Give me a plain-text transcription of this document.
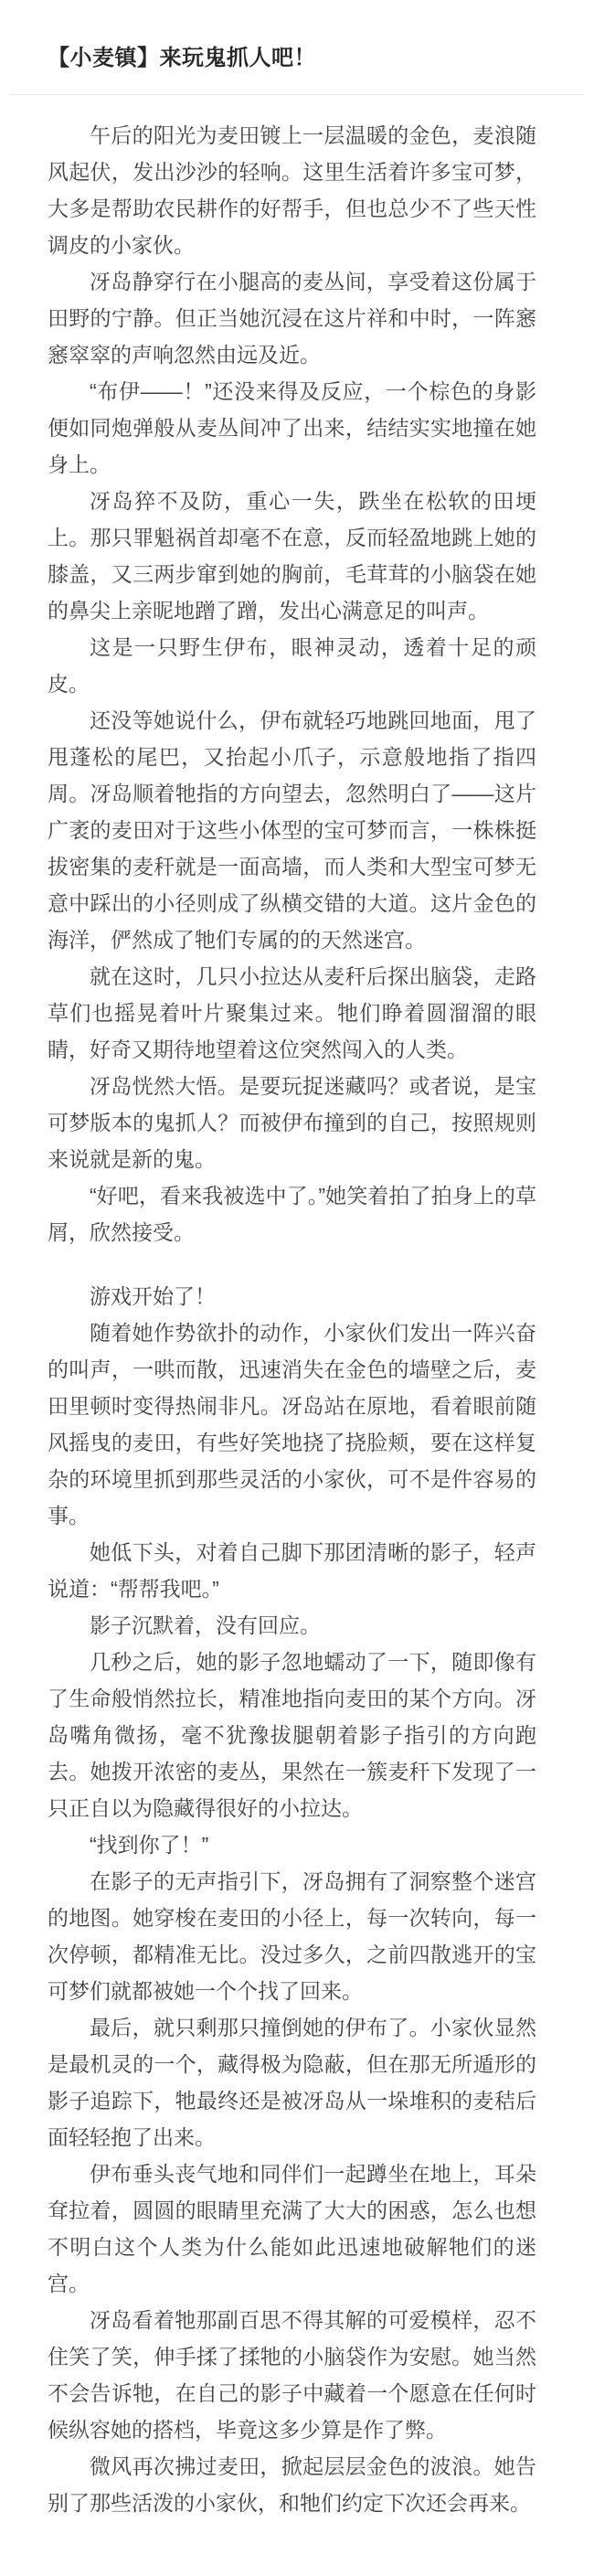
【小麦镇】来玩鬼抓人吧！

午后的阳光为麦田镀上一层温暖的金色，麦浪随风起伏，发出沙沙的轻响。这里生活着许多宝可梦，大多是帮助农民耕作的好帮手，但也总少不了些天性调皮的小家伙。

冴岛静穿行在小腿高的麦丛间，享受着这份属于田野的宁静。但正当她沉浸在这片祥和中时，一阵窸窸窣窣的声响忽然由远及近。

“布伊——！”还没来得及反应，一个棕色的身影便如同炮弹般从麦丛间冲了出来，结结实实地撞在她身上。

冴岛猝不及防，重心一失，跌坐在松软的田埂上。那只罪魁祸首却毫不在意，反而轻盈地跳上她的膝盖，又三两步窜到她的胸前，毛茸茸的小脑袋在她的鼻尖上亲昵地蹭了蹭，发出心满意足的叫声。

这是一只野生伊布，眼神灵动，透着十足的顽皮。

还没等她说什么，伊布就轻巧地跳回地面，甩了甩蓬松的尾巴，又抬起小爪子，示意般地指了指四周。冴岛顺着牠指的方向望去，忽然明白了——这片广袤的麦田对于这些小体型的宝可梦而言，一株株挺拔密集的麦秆就是一面高墙，而人类和大型宝可梦无意中踩出的小径则成了纵横交错的大道。这片金色的海洋，俨然成了牠们专属的的天然迷宫。

就在这时，几只小拉达从麦秆后探出脑袋，走路草们也摇晃着叶片聚集过来。牠们睁着圆溜溜的眼睛，好奇又期待地望着这位突然闯入的人类。

冴岛恍然大悟。是要玩捉迷藏吗？或者说，是宝可梦版本的鬼抓人？而被伊布撞到的自己，按照规则来说就是新的鬼。

“好吧，看来我被选中了。”她笑着拍了拍身上的草屑，欣然接受。

游戏开始了！

随着她作势欲扑的动作，小家伙们发出一阵兴奋的叫声，一哄而散，迅速消失在金色的墙壁之后，麦田里顿时变得热闹非凡。冴岛站在原地，看着眼前随风摇曳的麦田，有些好笑地挠了挠脸颊，要在这样复杂的环境里抓到那些灵活的小家伙，可不是件容易的事。

她低下头，对着自己脚下那团清晰的影子，轻声说道：“帮帮我吧。”

影子沉默着，没有回应。

几秒之后，她的影子忽地蠕动了一下，随即像有了生命般悄然拉长，精准地指向麦田的某个方向。冴岛嘴角微扬，毫不犹豫拔腿朝着影子指引的方向跑去。她拨开浓密的麦丛，果然在一簇麦秆下发现了一只正自以为隐藏得很好的小拉达。

“找到你了！”

在影子的无声指引下，冴岛拥有了洞察整个迷宫的地图。她穿梭在麦田的小径上，每一次转向，每一次停顿，都精准无比。没过多久，之前四散逃开的宝可梦们就都被她一个个找了回来。

最后，就只剩那只撞倒她的伊布了。小家伙显然是最机灵的一个，藏得极为隐蔽，但在那无所遁形的影子追踪下，牠最终还是被冴岛从一垛堆积的麦秸后面轻轻抱了出来。

伊布垂头丧气地和同伴们一起蹲坐在地上，耳朵耷拉着，圆圆的眼睛里充满了大大的困惑，怎么也想不明白这个人类为什么能如此迅速地破解牠们的迷宫。

冴岛看着牠那副百思不得其解的可爱模样，忍不住笑了笑，伸手揉了揉牠的小脑袋作为安慰。她当然不会告诉牠，在自己的影子中藏着一个愿意在任何时候纵容她的搭档，毕竟这多少算是作了弊。

微风再次拂过麦田，掀起层层金色的波浪。她告别了那些活泼的小家伙，和牠们约定下次还会再来。
